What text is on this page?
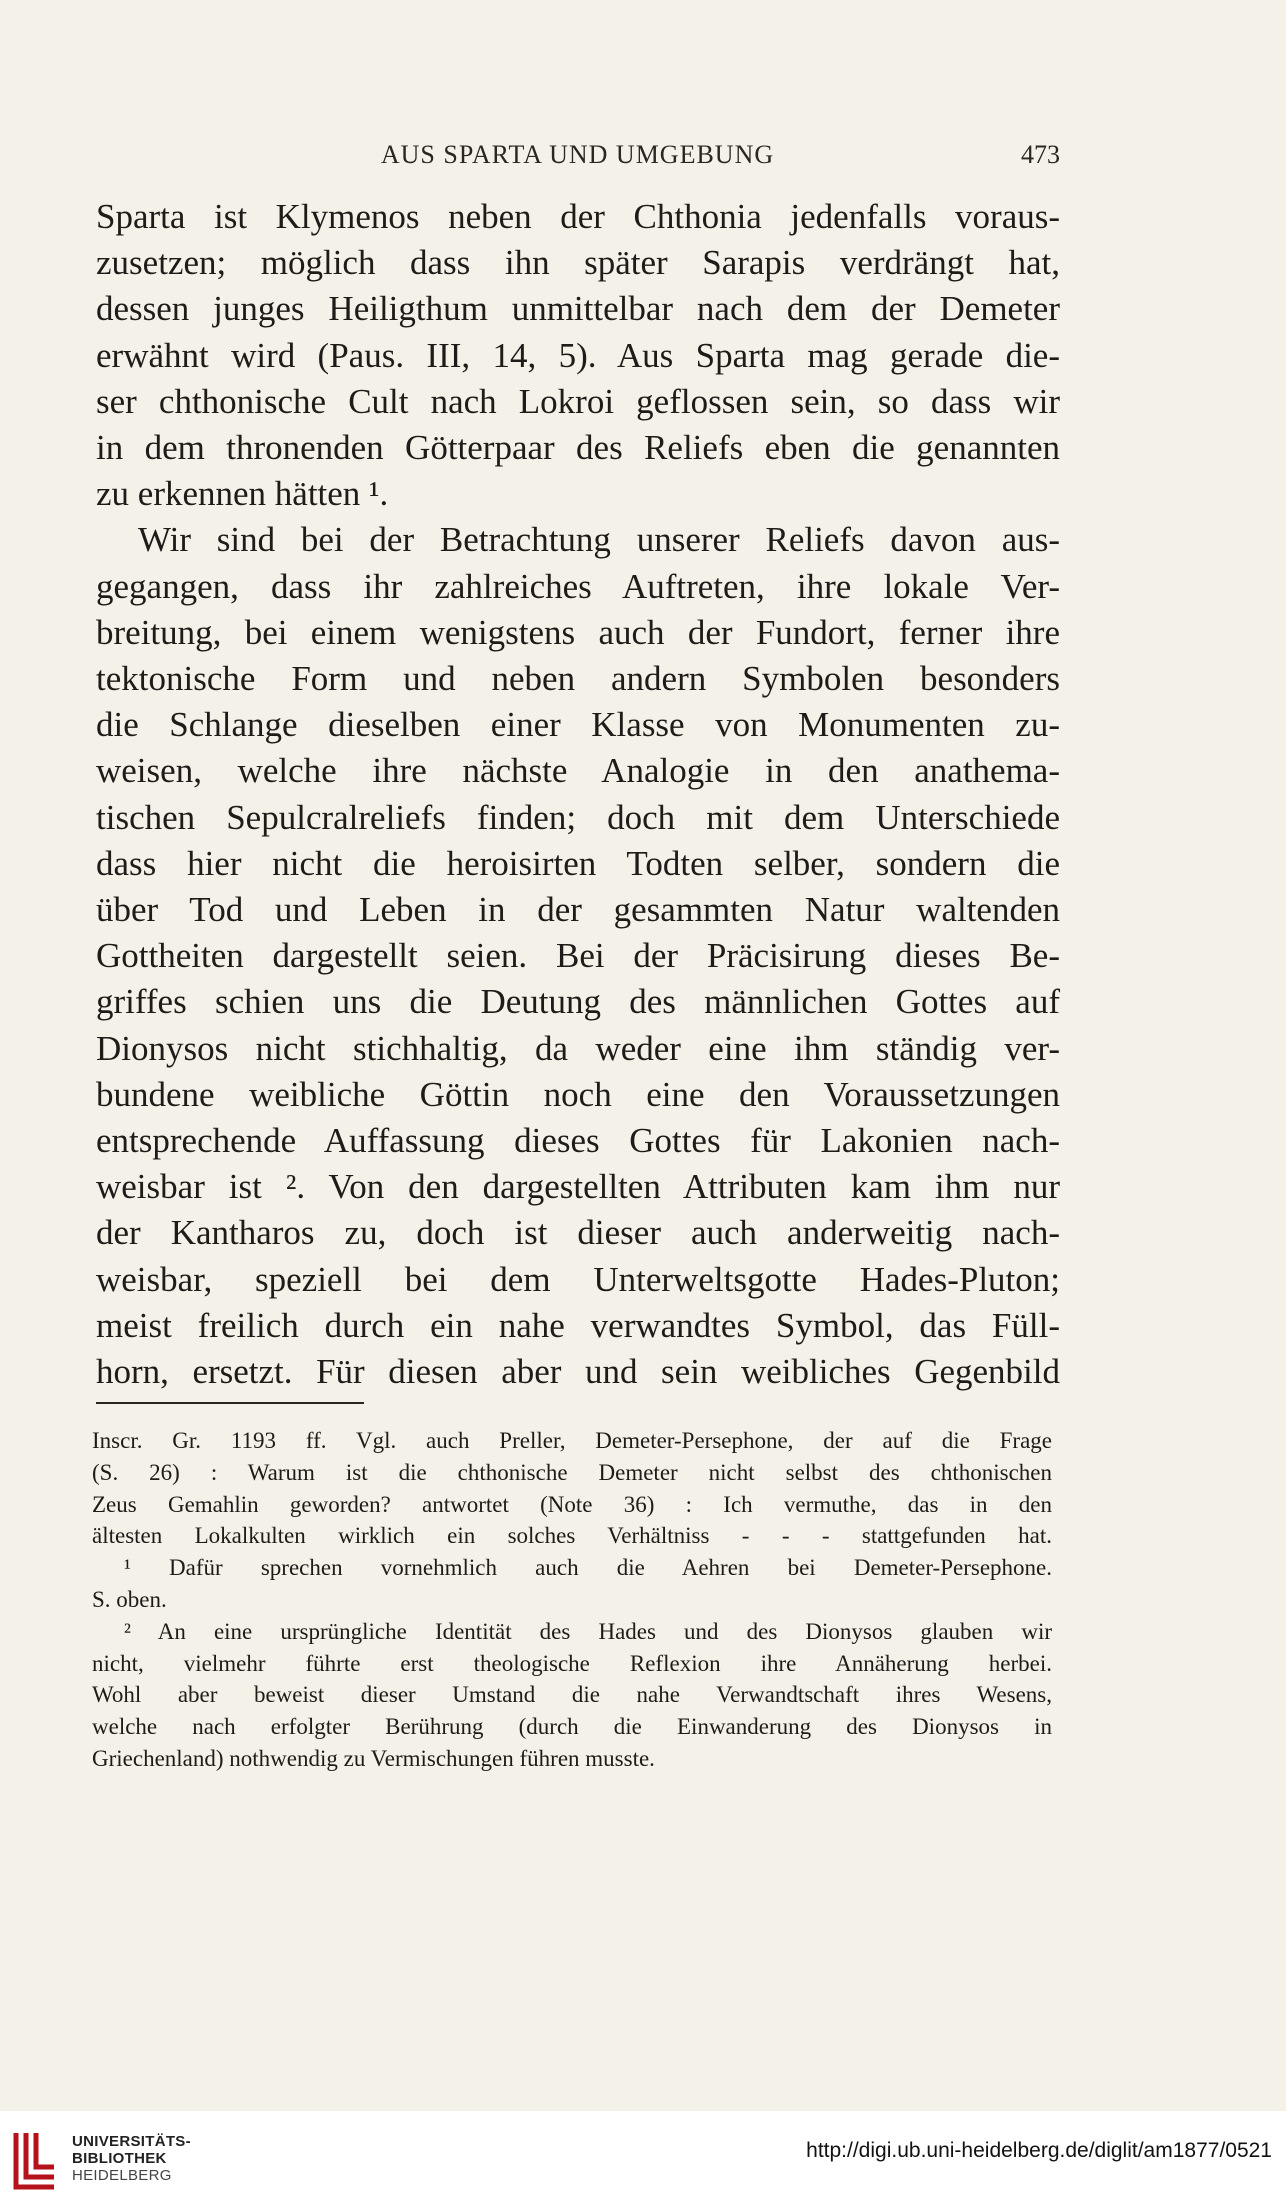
AUS SPARTA UND UMGEBUNG	473
Sparta ist Klymenos neben der Chthonia jedenfalls voraus-
zusetzen; möglich dass ihn später Sarapis verdrängt hat,
dessen junges Heiligthum unmittelbar nach dem der Demeter
erwähnt wird (Paus. III, 14, 5). Aus Sparta mag gerade die-
ser chthonische Cult nach Lokroi geflossen sein, so dass wir
in dem thronenden Götterpaar des Reliefs eben die genannten
zu erkennen hätten ¹.
Wir sind bei der Betrachtung unserer Reliefs davon aus-
gegangen, dass ihr zahlreiches Auftreten, ihre lokale Ver-
breitung, bei einem wenigstens auch der Fundort, ferner ihre
tektonische Form und neben andern Symbolen besonders
die Schlange dieselben einer Klasse von Monumenten zu-
weisen, welche ihre nächste Analogie in den anathema-
tischen Sepulcralreliefs finden; doch mit dem Unterschiede
dass hier nicht die heroisirten Todten selber, sondern die
über Tod und Leben in der gesammten Natur waltenden
Gottheiten dargestellt seien. Bei der Präcisirung dieses Be-
griffes schien uns die Deutung des männlichen Gottes auf
Dionysos nicht stichhaltig, da weder eine ihm ständig ver-
bundene weibliche Göttin noch eine den Voraussetzungen
entsprechende Auffassung dieses Gottes für Lakonien nach-
weisbar ist ². Von den dargestellten Attributen kam ihm nur
der Kantharos zu, doch ist dieser auch anderweitig nach-
weisbar, speziell bei dem Unterweltsgotte Hades-Pluton;
meist freilich durch ein nahe verwandtes Symbol, das Füll-
horn, ersetzt. Für diesen aber und sein weibliches Gegenbild
Inscr. Gr. 1193 ff. Vgl. auch Preller, Demeter-Persephone, der auf die Frage
(S. 26) : Warum ist die chthonische Demeter nicht selbst des chthonischen
Zeus Gemahlin geworden? antwortet (Note 36) : Ich vermuthe, das in den
ältesten Lokalkulten wirklich ein solches Verhältniss - - - stattgefunden hat.
¹ Dafür sprechen vornehmlich auch die Aehren bei Demeter-Persephone.
S. oben.
² An eine ursprüngliche Identität des Hades und des Dionysos glauben wir
nicht, vielmehr führte erst theologische Reflexion ihre Annäherung herbei.
Wohl aber beweist dieser Umstand die nahe Verwandtschaft ihres Wesens,
welche nach erfolgter Berührung (durch die Einwanderung des Dionysos in
Griechenland) nothwendig zu Vermischungen führen musste.
UNIVERSITÄTS-
BIBLIOTHEK
HEIDELBERG
http://digi.ub.uni-heidelberg.de/diglit/am1877/0521
